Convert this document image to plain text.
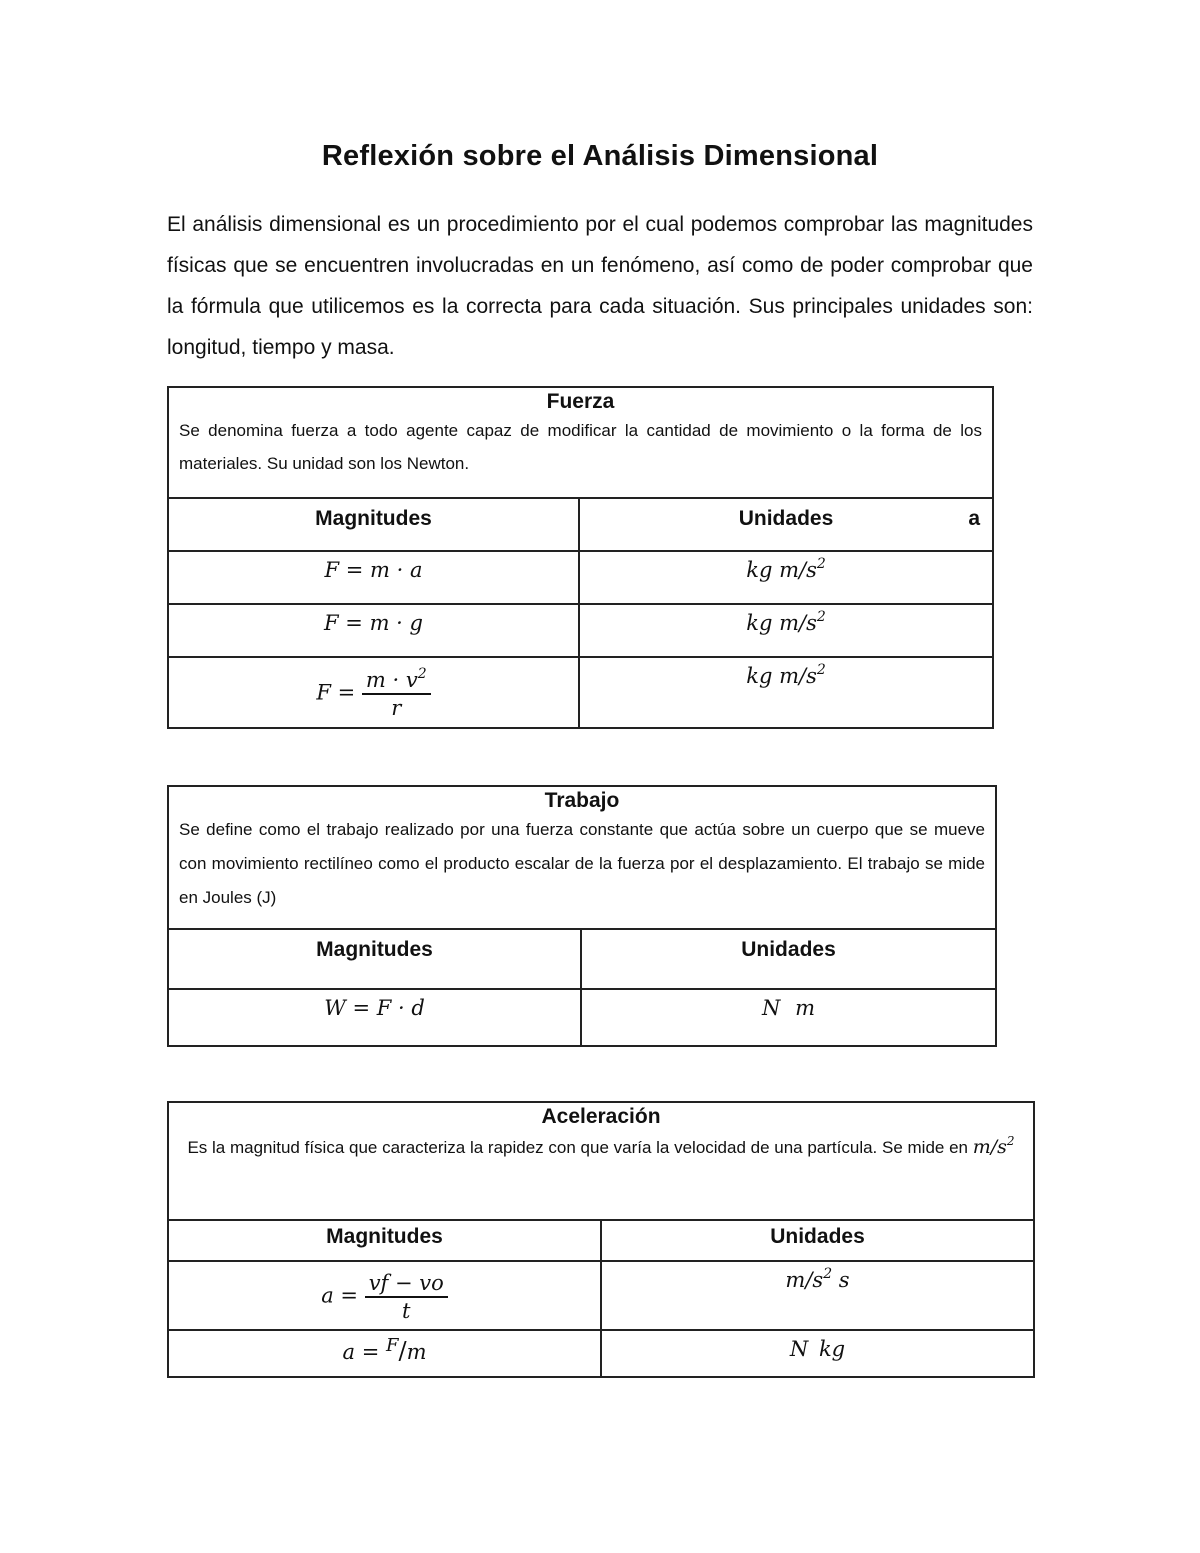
Reflexión sobre el Análisis Dimensional

El análisis dimensional es un procedimiento por el cual podemos comprobar las magnitudes físicas que se encuentren involucradas en un fenómeno, así como de poder comprobar que la fórmula que utilicemos es la correcta para cada situación. Sus principales unidades son: longitud, tiempo y masa.

Fuerza
Se denomina fuerza a todo agente capaz de modificar la cantidad de movimiento o la forma de los materiales. Su unidad son los Newton.	

Magnitudes	Unidades a

F = m · a	kg $m/s^2$
F = m · g	kg $m/s^2$
$F = \frac{m \cdot v^2}{r}$	kg $m/s^2$
Trabajo
Se define como el trabajo realizado por una fuerza constante que actúa sobre un cuerpo que se mueve con movimiento rectilíneo como el producto escalar de la fuerza por el desplazamiento. El trabajo se mide en Joules (J)	

Magnitudes	Unidades
W = F · d	N m
Aceleración
Es la magnitud física que caracteriza la rapidez con que varía la velocidad de una partícula. Se mide en $m/s^2$

Magnitudes	Unidades
$a = \frac{vf - vo}{t}$	$m/s^2$ s
a = $^F$/m	N kg
